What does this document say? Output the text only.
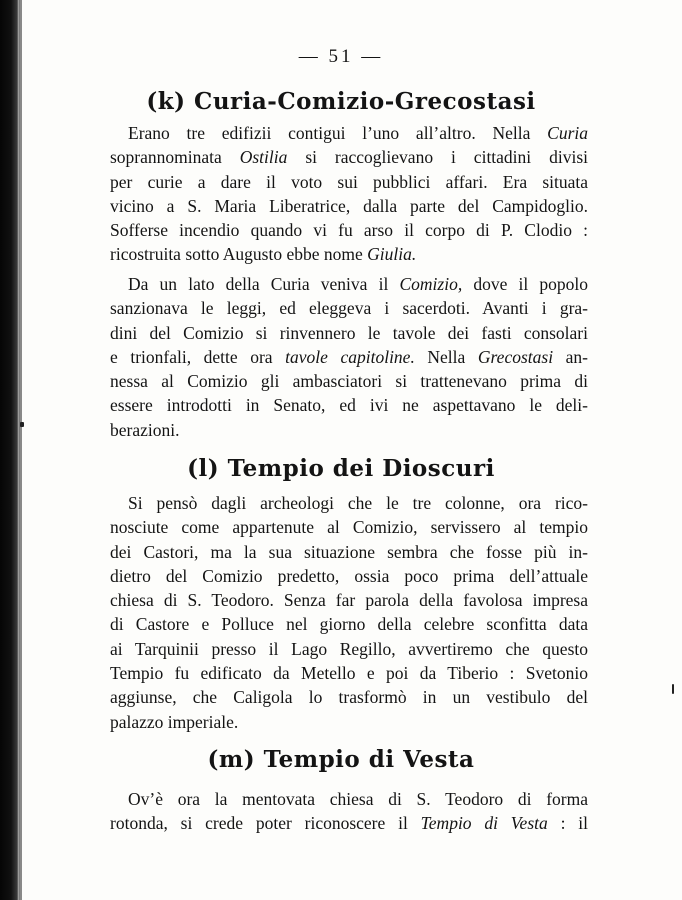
— 51 —
(k) Curia-Comizio-Grecostasi
Erano tre edifizii contigui l’uno all’altro. Nella Curia
soprannominata Ostilia si raccoglievano i cittadini divisi
per curie a dare il voto sui pubblici affari. Era situata
vicino a S. Maria Liberatrice, dalla parte del Campidoglio.
Sofferse incendio quando vi fu arso il corpo di P. Clodio :
ricostruita sotto Augusto ebbe nome Giulia.
Da un lato della Curia veniva il Comizio, dove il popolo
sanzionava le leggi, ed eleggeva i sacerdoti. Avanti i gra-
dini del Comizio si rinvennero le tavole dei fasti consolari
e trionfali, dette ora tavole capitoline. Nella Grecostasi an-
nessa al Comizio gli ambasciatori si trattenevano prima di
essere introdotti in Senato, ed ivi ne aspettavano le deli-
berazioni.
(l) Tempio dei Dioscuri
Si pensò dagli archeologi che le tre colonne, ora rico-
nosciute come appartenute al Comizio, servissero al tempio
dei Castori, ma la sua situazione sembra che fosse più in-
dietro del Comizio predetto, ossia poco prima dell’attuale
chiesa di S. Teodoro. Senza far parola della favolosa impresa
di Castore e Polluce nel giorno della celebre sconfitta data
ai Tarquinii presso il Lago Regillo, avvertiremo che questo
Tempio fu edificato da Metello e poi da Tiberio : Svetonio
aggiunse, che Caligola lo trasformò in un vestibulo del
palazzo imperiale.
(m) Tempio di Vesta
Ov’è ora la mentovata chiesa di S. Teodoro di forma
rotonda, si crede poter riconoscere il Tempio di Vesta : il
